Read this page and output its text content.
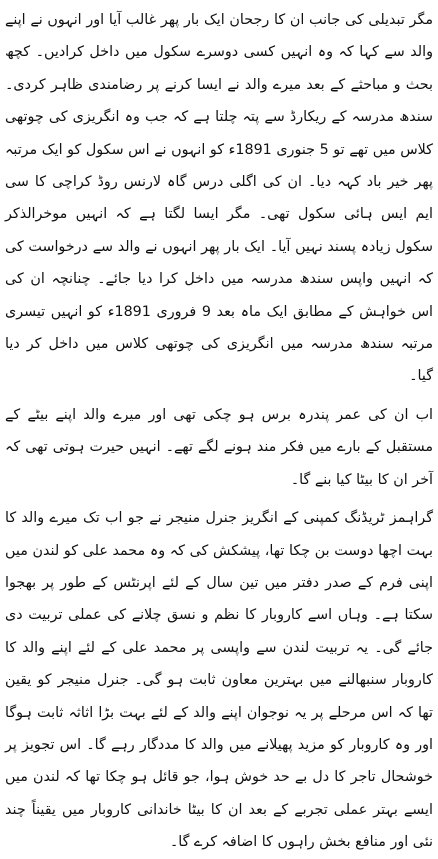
مگر تبدیلی کی جانب ان کا رجحان ایک بار پھر غالب آیا اور انہوں نے اپنے والد سے کہا کہ وہ انہیں کسی دوسرے سکول میں داخل کرادیں۔ کچھ بحث و مباحثے کے بعد میرے والد نے ایسا کرنے پر رضامندی ظاہر کردی۔ سندھ مدرسہ کے ریکارڈ سے پتہ چلتا ہے کہ جب وہ انگریزی کی چوتھی کلاس میں تھے تو 5 جنوری 1891ء کو انہوں نے اس سکول کو ایک مرتبہ پھر خیر باد کہہ دیا۔ ان کی اگلی درس گاہ لارنس روڈ کراچی کا سی ایم ایس ہائی سکول تھی۔ مگر ایسا لگتا ہے کہ انہیں موخرالذکر سکول زیادہ پسند نہیں آیا۔ ایک بار پھر انہوں نے والد سے درخواست کی کہ انہیں واپس سندھ مدرسہ میں داخل کرا دیا جائے۔ چنانچہ ان کی اس خواہش کے مطابق ایک ماہ بعد 9 فروری 1891ء کو انہیں تیسری مرتبہ سندھ مدرسہ میں انگریزی کی چوتھی کلاس میں داخل کر دیا گیا۔

اب ان کی عمر پندرہ برس ہو چکی تھی اور میرے والد اپنے بیٹے کے مستقبل کے بارے میں فکر مند ہونے لگے تھے۔ انہیں حیرت ہوتی تھی کہ آخر ان کا بیٹا کیا بنے گا۔

گراہمز ٹریڈنگ کمپنی کے انگریز جنرل منیجر نے جو اب تک میرے والد کا بہت اچھا دوست بن چکا تھا، پیشکش کی کہ وہ محمد علی کو لندن میں اپنی فرم کے صدر دفتر میں تین سال کے لئے اپرنٹس کے طور پر بھجوا سکتا ہے۔ وہاں اسے کاروبار کا نظم و نسق چلانے کی عملی تربیت دی جائے گی۔ یہ تربیت لندن سے واپسی پر محمد علی کے لئے اپنے والد کا کاروبار سنبھالنے میں بہترین معاون ثابت ہو گی۔ جنرل منیجر کو یقین تھا کہ اس مرحلے پر یہ نوجوان اپنے والد کے لئے بہت بڑا اثاثہ ثابت ہوگا اور وہ کاروبار کو مزید پھیلانے میں والد کا مددگار رہے گا۔ اس تجویز پر خوشحال تاجر کا دل بے حد خوش ہوا، جو قائل ہو چکا تھا کہ لندن میں ایسے بہتر عملی تجربے کے بعد ان کا بیٹا خاندانی کاروبار میں یقیناً چند نئی اور منافع بخش راہوں کا اضافہ کرے گا۔
